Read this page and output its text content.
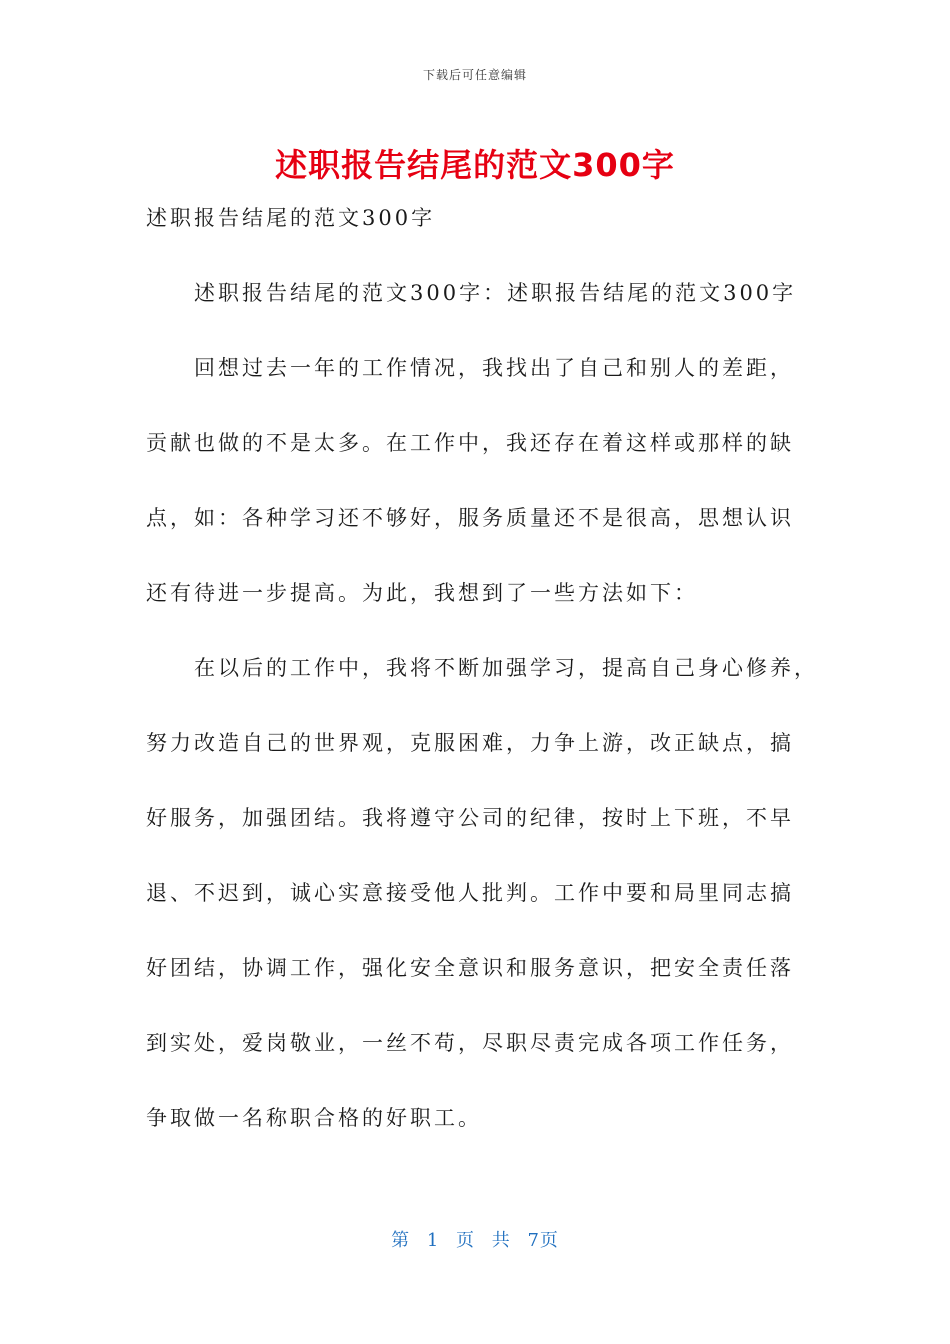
下载后可任意编辑
述职报告结尾的范文300字
述职报告结尾的范文300字
述职报告结尾的范文300字：述职报告结尾的范文300字
回想过去一年的工作情况，我找出了自己和别人的差距，
贡献也做的不是太多。在工作中，我还存在着这样或那样的缺
点，如：各种学习还不够好，服务质量还不是很高，思想认识
还有待进一步提高。为此，我想到了一些方法如下：
在以后的工作中，我将不断加强学习，提高自己身心修养，
努力改造自己的世界观，克服困难，力争上游，改正缺点，搞
好服务，加强团结。我将遵守公司的纪律，按时上下班，不早
退、不迟到，诚心实意接受他人批判。工作中要和局里同志搞
好团结，协调工作，强化安全意识和服务意识，把安全责任落
到实处，爱岗敬业，一丝不苟，尽职尽责完成各项工作任务，
争取做一名称职合格的好职工。
第 1 页 共 7页
